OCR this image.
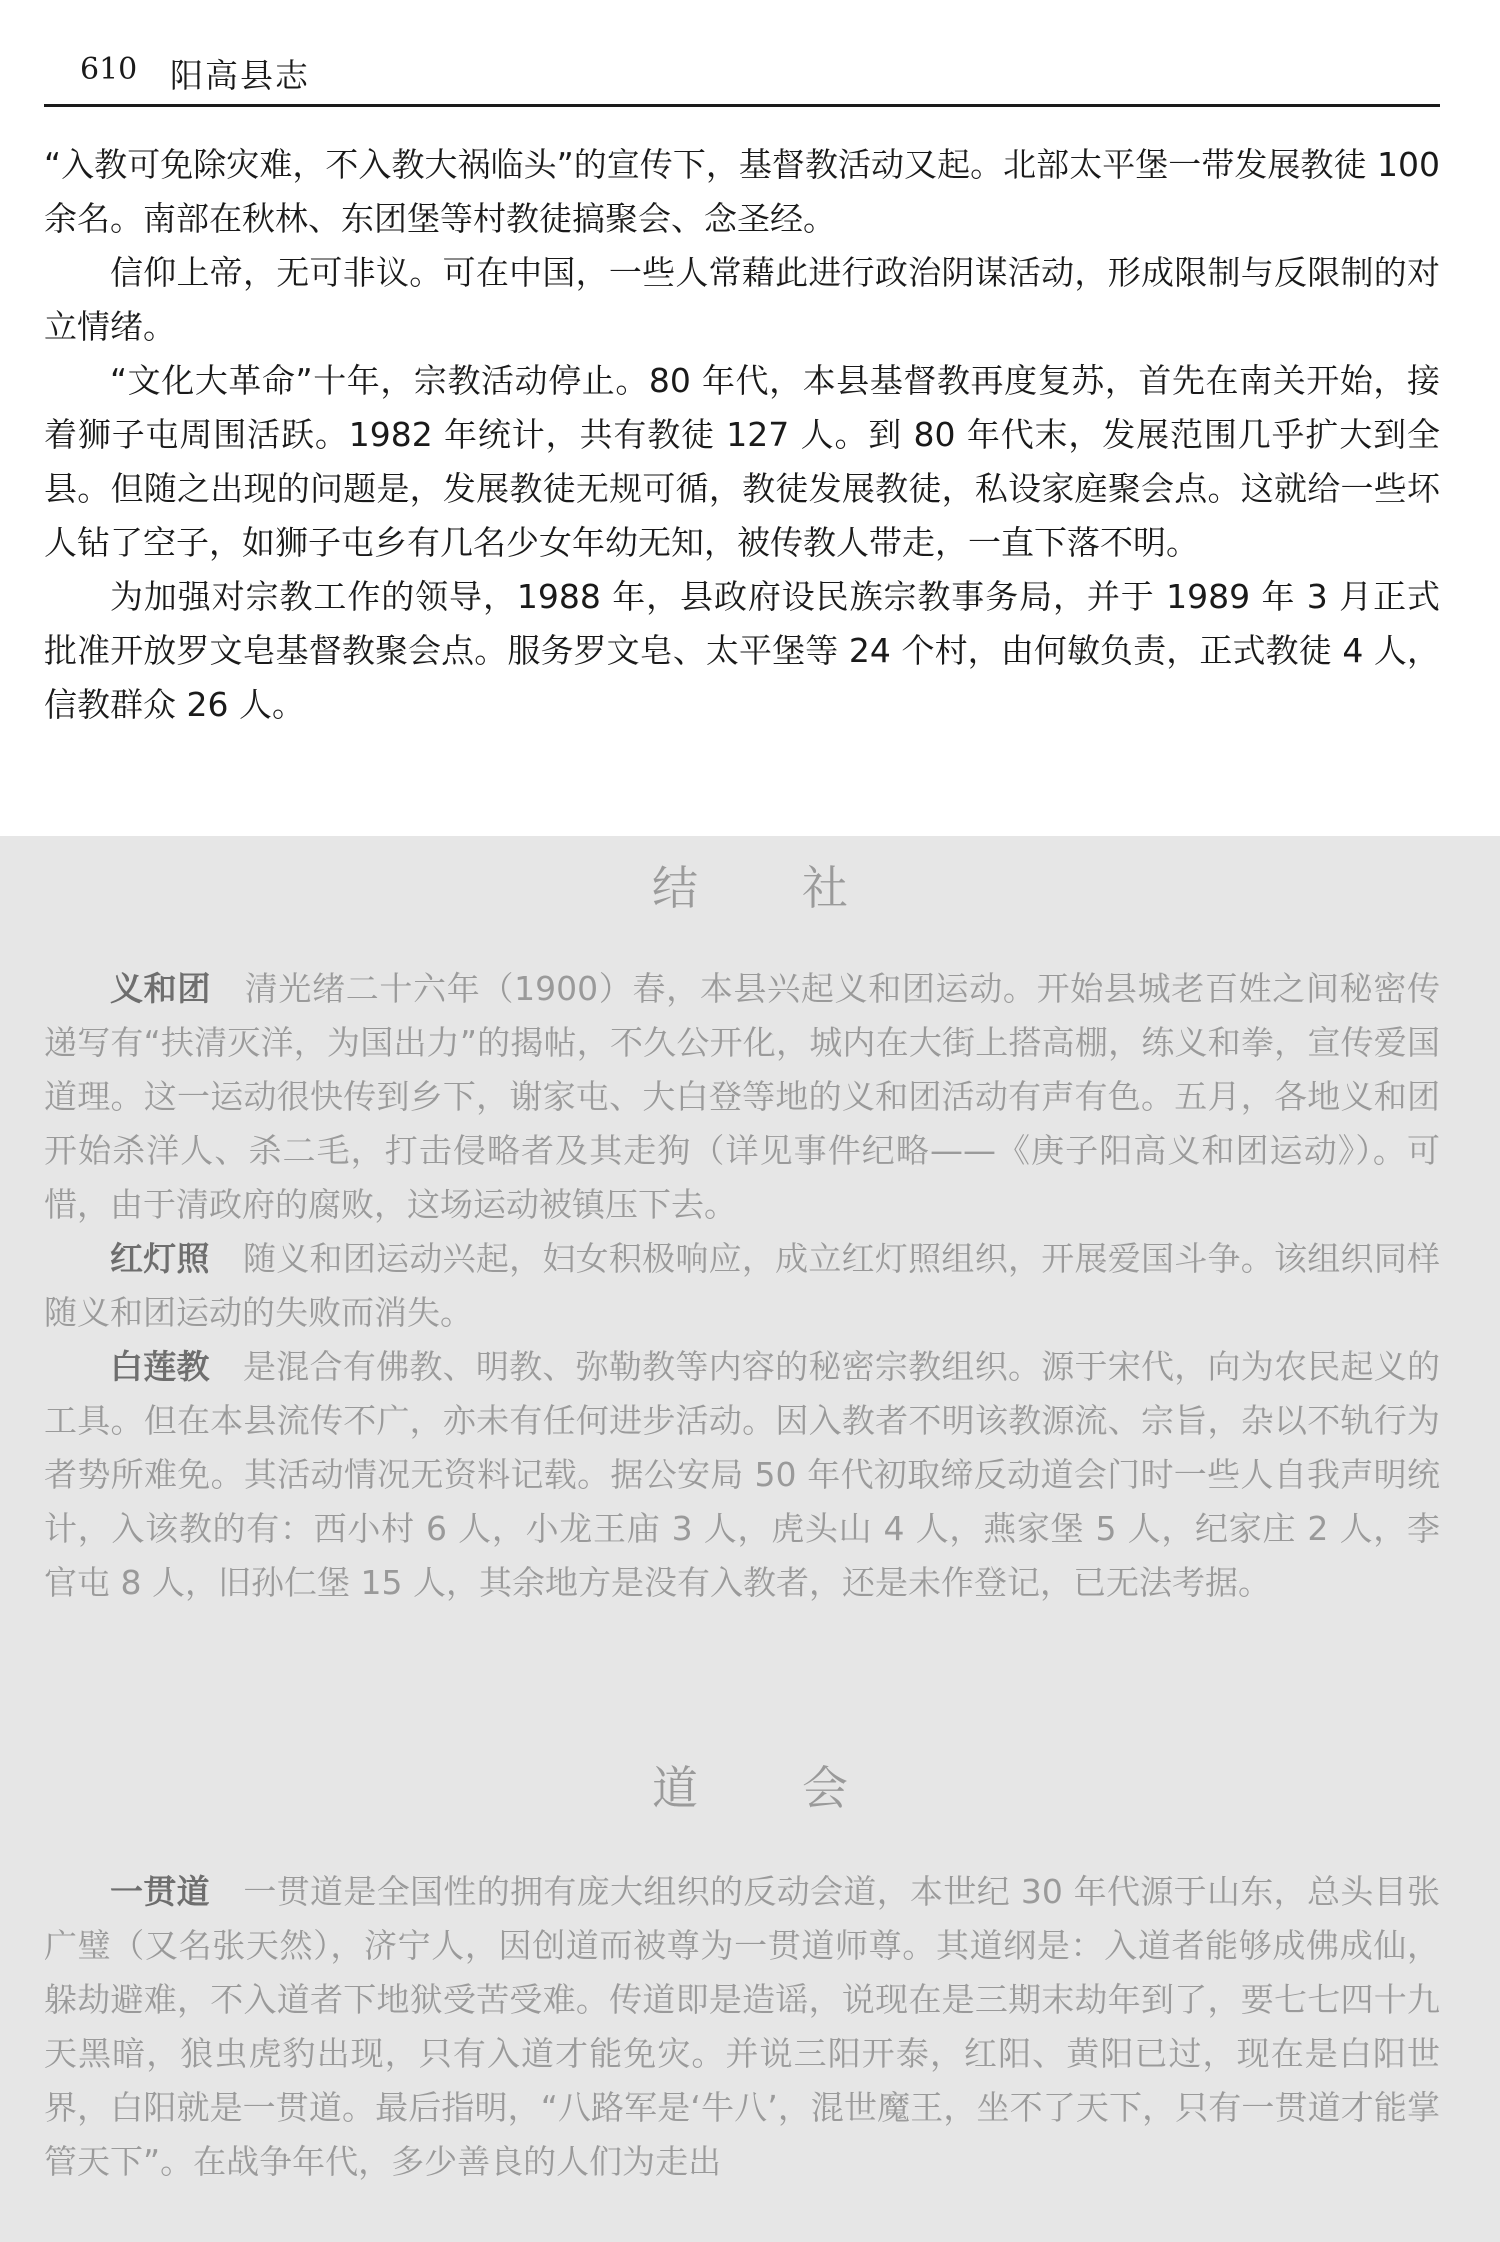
610 阳高县志

“入教可免除灾难，不入教大祸临头”的宣传下，基督教活动又起。北部太平堡一带发展教徒 100 余名。南部在秋林、东团堡等村教徒搞聚会、念圣经。

信仰上帝，无可非议。可在中国，一些人常藉此进行政治阴谋活动，形成限制与反限制的对立情绪。

“文化大革命”十年，宗教活动停止。80 年代，本县基督教再度复苏，首先在南关开始，接着狮子屯周围活跃。1982 年统计，共有教徒 127 人。到 80 年代末，发展范围几乎扩大到全县。但随之出现的问题是，发展教徒无规可循，教徒发展教徒，私设家庭聚会点。这就给一些坏人钻了空子，如狮子屯乡有几名少女年幼无知，被传教人带走，一直下落不明。

为加强对宗教工作的领导，1988 年，县政府设民族宗教事务局，并于 1989 年 3 月正式批准开放罗文皂基督教聚会点。服务罗文皂、太平堡等 24 个村，由何敏负责，正式教徒 4 人，信教群众 26 人。

结社

义和团　 清光绪二十六年（1900）春，本县兴起义和团运动。开始县城老百姓之间秘密传递写有“扶清灭洋，为国出力”的揭帖，不久公开化，城内在大街上搭高棚，练义和拳，宣传爱国道理。这一运动很快传到乡下，谢家屯、大白登等地的义和团活动有声有色。五月，各地义和团开始杀洋人、杀二毛，打击侵略者及其走狗（详见事件纪略——《庚子阳高义和团运动》）。可惜，由于清政府的腐败，这场运动被镇压下去。

红灯照　 随义和团运动兴起，妇女积极响应，成立红灯照组织，开展爱国斗争。该组织同样随义和团运动的失败而消失。

白莲教　 是混合有佛教、明教、弥勒教等内容的秘密宗教组织。源于宋代，向为农民起义的工具。但在本县流传不广，亦未有任何进步活动。因入教者不明该教源流、宗旨，杂以不轨行为者势所难免。其活动情况无资料记载。据公安局 50 年代初取缔反动道会门时一些人自我声明统计，入该教的有：西小村 6 人，小龙王庙 3 人，虎头山 4 人，燕家堡 5 人，纪家庄 2 人，李官屯 8 人，旧孙仁堡 15 人，其余地方是没有入教者，还是未作登记，已无法考据。

道会

一贯道　 一贯道是全国性的拥有庞大组织的反动会道，本世纪 30 年代源于山东，总头目张广璧（又名张天然），济宁人，因创道而被尊为一贯道师尊。其道纲是：入道者能够成佛成仙，躲劫避难，不入道者下地狱受苦受难。传道即是造谣，说现在是三期末劫年到了，要七七四十九天黑暗，狼虫虎豹出现，只有入道才能免灾。并说三阳开泰，红阳、黄阳已过，现在是白阳世界，白阳就是一贯道。最后指明，“八路军是‘牛八’，混世魔王，坐不了天下，只有一贯道才能掌管天下”。在战争年代，多少善良的人们为走出
